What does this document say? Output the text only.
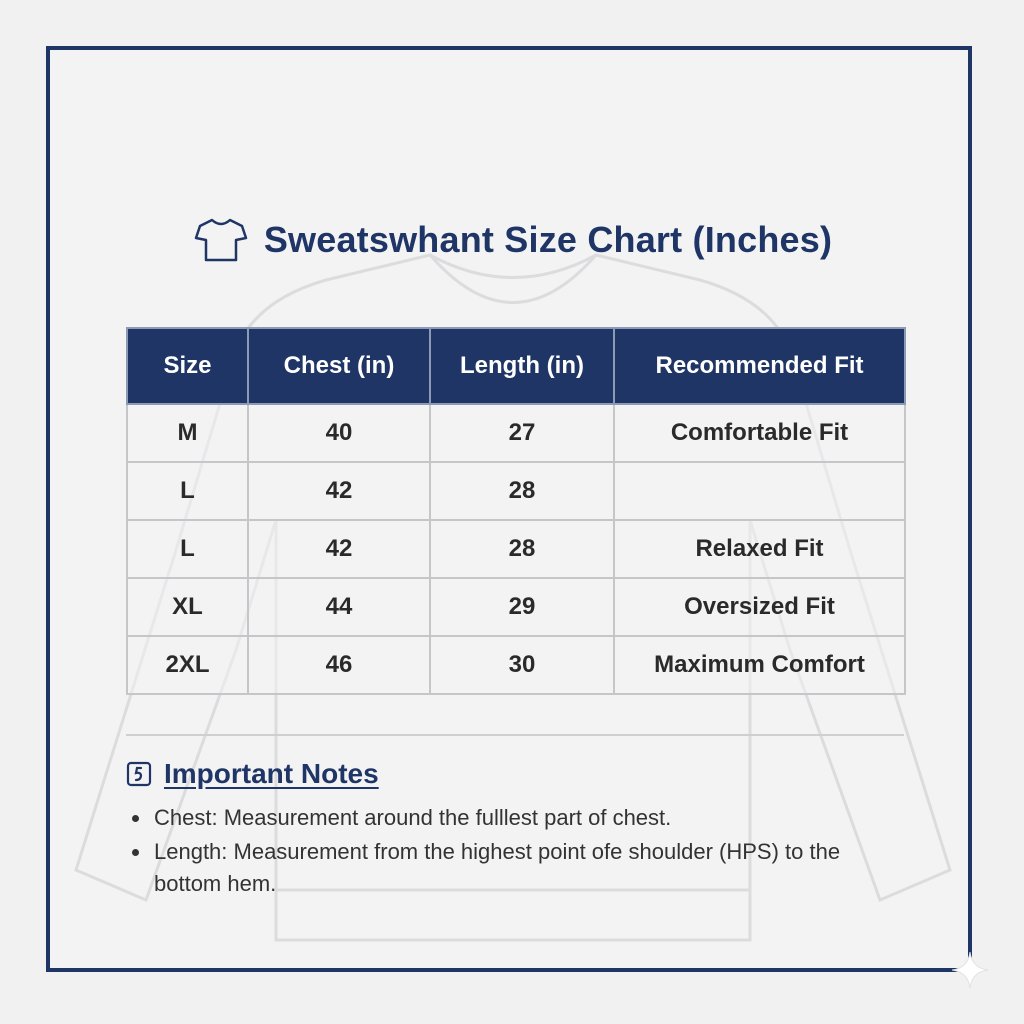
Sweatswhant Size Chart (Inches)
Size	Chest (in)	Length (in)	Recommended Fit
M	40	27	Comfortable Fit
L	42	28	
L	42	28	Relaxed Fit
XL	44	29	Oversized Fit
2XL	46	30	Maximum Comfort
Important Notes
Chest: Measurement around the fulllest part of chest.
Length: Measurement from the highest point ofe shoulder (HPS) to the bottom hem.
